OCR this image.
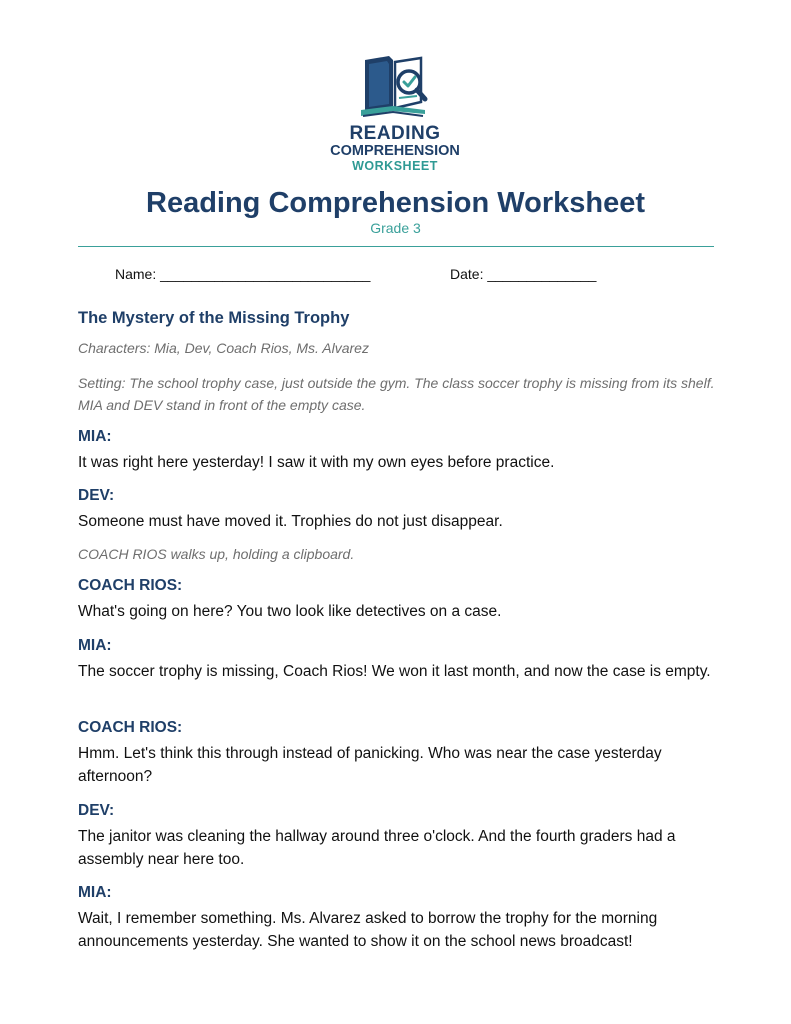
READING
COMPREHENSION
WORKSHEET
Reading Comprehension Worksheet
Grade 3
Name: ___________________________	Date: ______________
The Mystery of the Missing Trophy
Characters: Mia, Dev, Coach Rios, Ms. Alvarez
Setting: The school trophy case, just outside the gym. The class soccer trophy is missing from its shelf. MIA and DEV stand in front of the empty case.
MIA:
It was right here yesterday! I saw it with my own eyes before practice.
DEV:
Someone must have moved it. Trophies do not just disappear.
COACH RIOS walks up, holding a clipboard.
COACH RIOS:
What's going on here? You two look like detectives on a case.
MIA:
The soccer trophy is missing, Coach Rios! We won it last month, and now the case is empty.
COACH RIOS:
Hmm. Let's think this through instead of panicking. Who was near the case yesterday afternoon?
DEV:
The janitor was cleaning the hallway around three o'clock. And the fourth graders had a assembly near here too.
MIA:
Wait, I remember something. Ms. Alvarez asked to borrow the trophy for the morning announcements yesterday. She wanted to show it on the school news broadcast!
